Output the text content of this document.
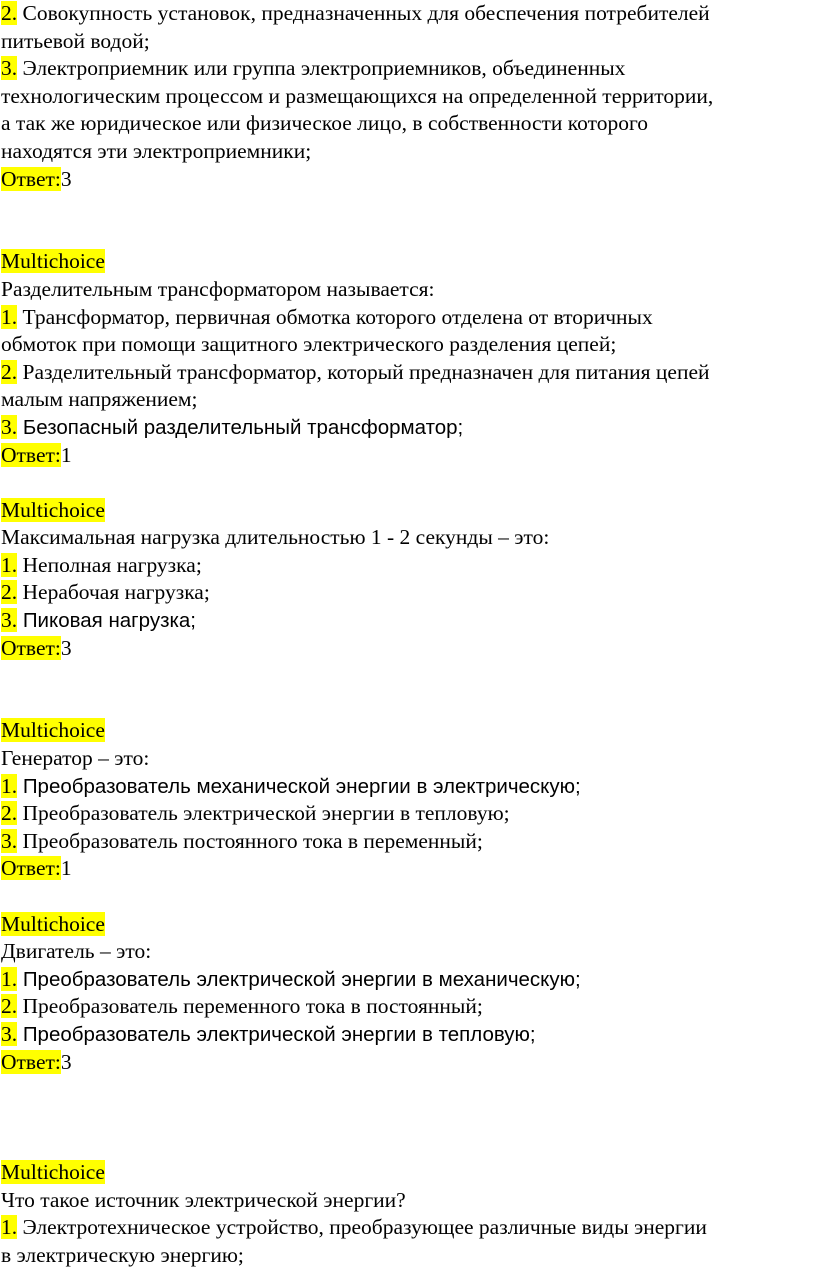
2. Совокупность установок, предназначенных для обеспечения потребителей
питьевой водой;
3. Электроприемник или группа электроприемников, объединенных
технологическим процессом и размещающихся на определенной территории,
а так же юридическое или физическое лицо, в собственности которого
находятся эти электроприемники;
Ответ:3
Multichoice
Разделительным трансформатором называется:
1. Трансформатор, первичная обмотка которого отделена от вторичных
обмоток при помощи защитного электрического разделения цепей;
2. Разделительный трансформатор, который предназначен для питания цепей
малым напряжением;
3. Безопасный разделительный трансформатор;
Ответ:1
Multichoice
Максимальная нагрузка длительностью 1 - 2 секунды – это:
1. Неполная нагрузка;
2. Нерабочая нагрузка;
3. Пиковая нагрузка;
Ответ:3
Multichoice
Генератор – это:
1. Преобразователь механической энергии в электрическую;
2. Преобразователь электрической энергии в тепловую;
3. Преобразователь постоянного тока в переменный;
Ответ:1
Multichoice
Двигатель – это:
1. Преобразователь электрической энергии в механическую;
2. Преобразователь переменного тока в постоянный;
3. Преобразователь электрической энергии в тепловую;
Ответ:3
Multichoice
Что такое источник электрической энергии?
1. Электротехническое устройство, преобразующее различные виды энергии
в электрическую энергию;
